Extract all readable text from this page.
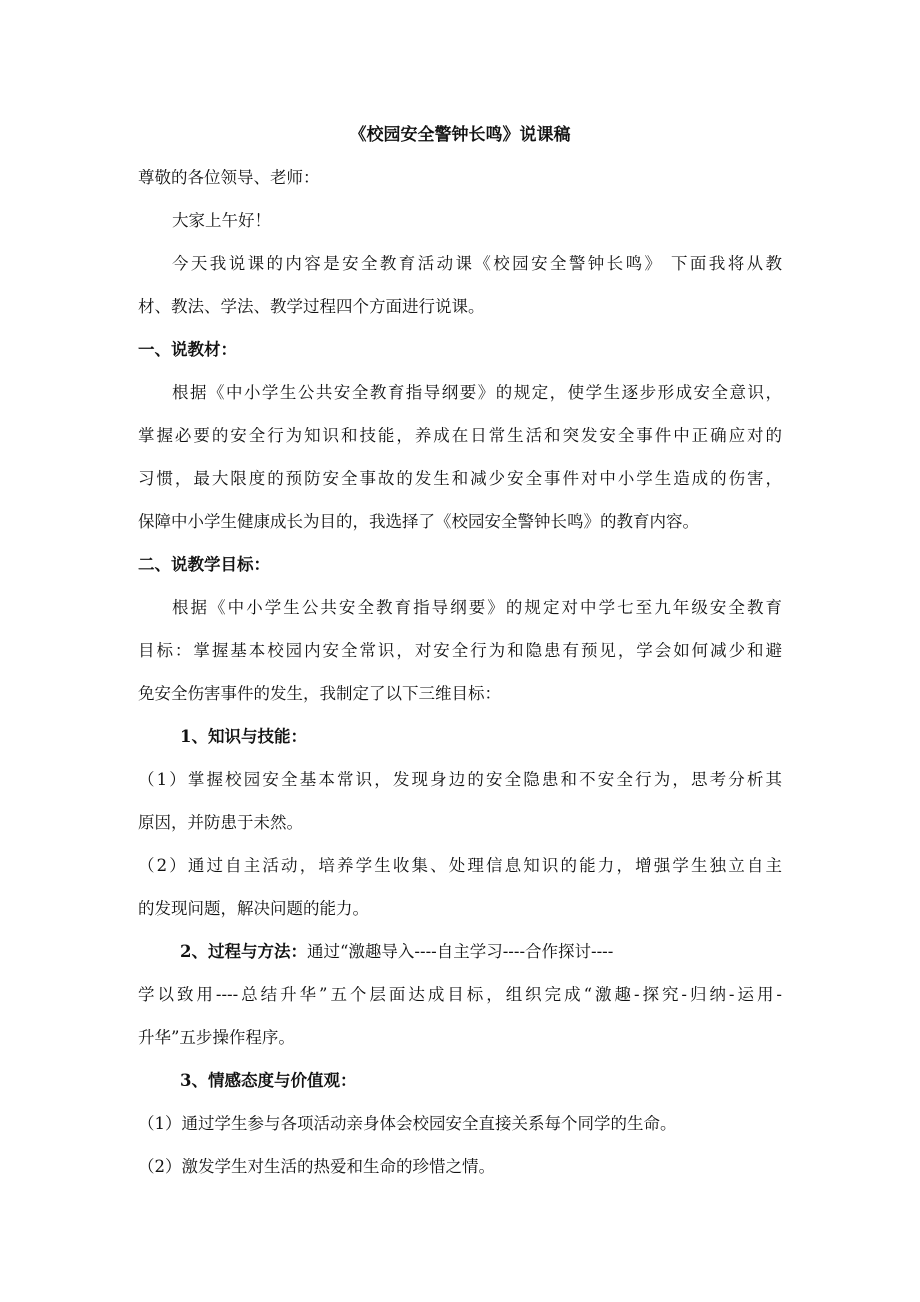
《校园安全警钟长鸣》说课稿
尊敬的各位领导、老师：
大家上午好！
今天我说课的内容是安全教育活动课《校园安全警钟长鸣》 下面我将从教
材、教法、学法、教学过程四个方面进行说课。
一、说教材：
根据《中小学生公共安全教育指导纲要》的规定，使学生逐步形成安全意识，
掌握必要的安全行为知识和技能，养成在日常生活和突发安全事件中正确应对的
习惯，最大限度的预防安全事故的发生和减少安全事件对中小学生造成的伤害，
保障中小学生健康成长为目的，我选择了《校园安全警钟长鸣》的教育内容。
二、说教学目标：
根据《中小学生公共安全教育指导纲要》的规定对中学七至九年级安全教育
目标：掌握基本校园内安全常识，对安全行为和隐患有预见，学会如何减少和避
免安全伤害事件的发生，我制定了以下三维目标：
1、知识与技能：
（1）掌握校园安全基本常识，发现身边的安全隐患和不安全行为，思考分析其
原因，并防患于未然。
（2）通过自主活动，培养学生收集、处理信息知识的能力，增强学生独立自主
的发现问题，解决问题的能力。
2、过程与方法：通过“激趣导入----自主学习----合作探讨----
学以致用----总结升华”五个层面达成目标，组织完成“激趣-探究-归纳-运用-
升华”五步操作程序。
3、情感态度与价值观：
（1）通过学生参与各项活动亲身体会校园安全直接关系每个同学的生命。
（2）激发学生对生活的热爱和生命的珍惜之情。
